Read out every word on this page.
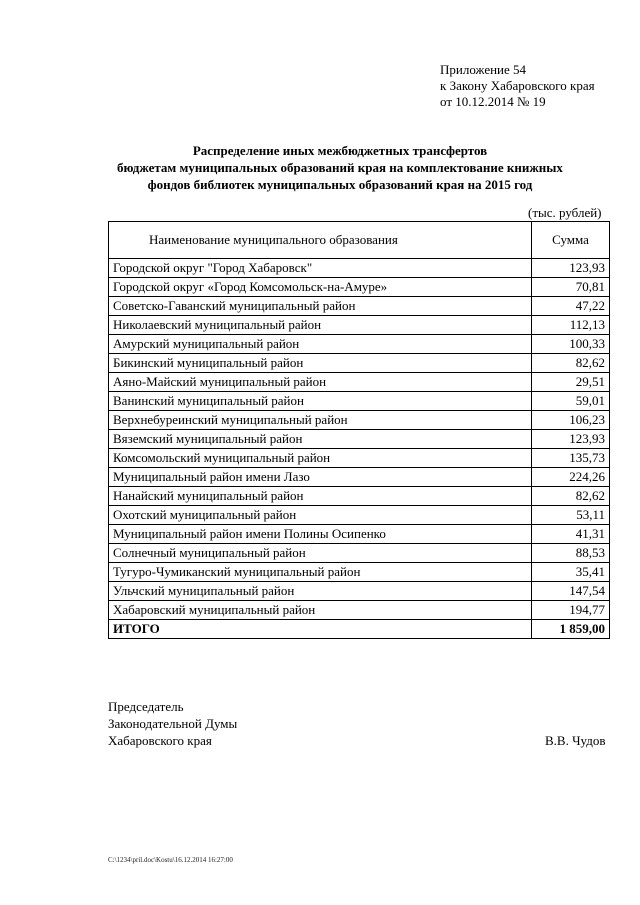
Приложение 54
к Закону Хабаровского края
от 10.12.2014 № 19
Распределение иных межбюджетных трансфертов
бюджетам муниципальных образований края на комплектование книжных
фондов библиотек муниципальных образований края на 2015 год
(тыс. рублей)
Наименование муниципального образования	Сумма
Городской округ "Город Хабаровск"	123,93
Городской округ «Город Комсомольск-на-Амуре»	70,81
Советско-Гаванский муниципальный район	47,22
Николаевский муниципальный район	112,13
Амурский муниципальный район	100,33
Бикинский муниципальный район	82,62
Аяно-Майский муниципальный район	29,51
Ванинский муниципальный район	59,01
Верхнебуреинский муниципальный район	106,23
Вяземский муниципальный район	123,93
Комсомольский муниципальный район	135,73
Муниципальный район имени Лазо	224,26
Нанайский муниципальный район	82,62
Охотский муниципальный район	53,11
Муниципальный район имени Полины Осипенко	41,31
Солнечный муниципальный район	88,53
Тугуро-Чумиканский муниципальный район	35,41
Ульчский муниципальный район	147,54
Хабаровский муниципальный район	194,77
ИТОГО	1 859,00
Председатель
Законодательной Думы
Хабаровского края	В.В. Чудов
C:\1234\pril.doc\Kostu\16.12.2014 16:27:00
